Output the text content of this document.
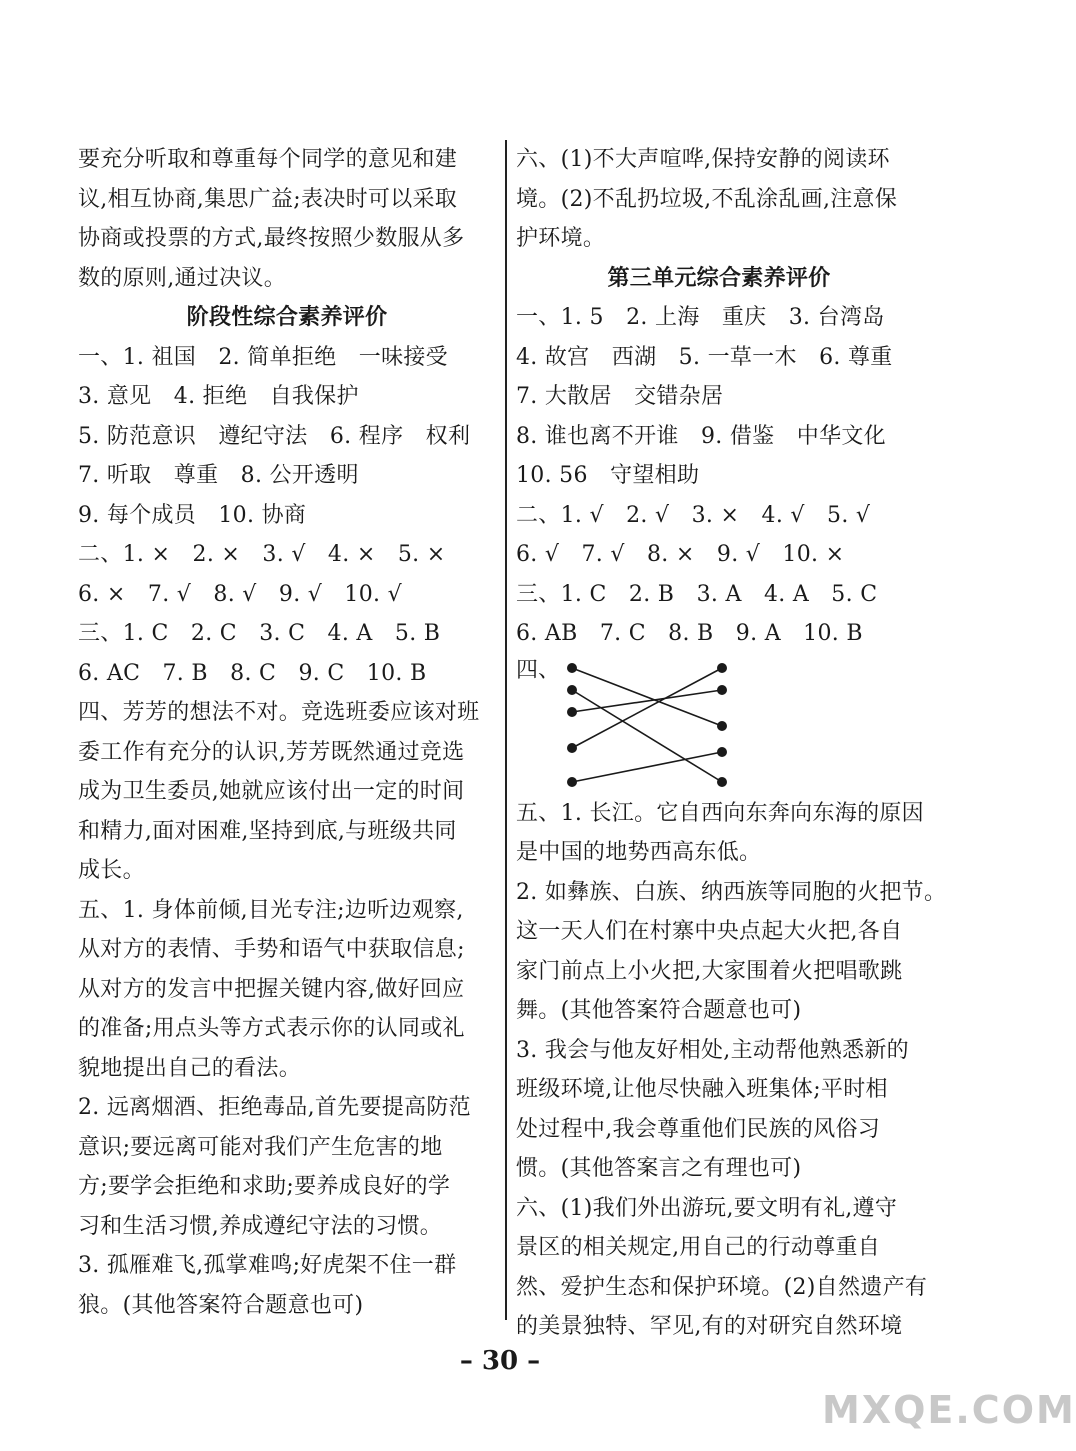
要充分听取和尊重每个同学的意见和建
议,相互协商,集思广益;表决时可以采取
协商或投票的方式,最终按照少数服从多
数的原则,通过决议。
阶段性综合素养评价
一、1. 祖国　2. 简单拒绝　一味接受
3. 意见　4. 拒绝　自我保护
5. 防范意识　遵纪守法　6. 程序　权利
7. 听取　尊重　8. 公开透明
9. 每个成员　10. 协商
二、1. ×　2. ×　3. √　4. ×　5. ×
6. ×　7. √　8. √　9. √　10. √
三、1. C　2. C　3. C　4. A　5. B
6. AC　7. B　8. C　9. C　10. B
四、芳芳的想法不对。竞选班委应该对班
委工作有充分的认识,芳芳既然通过竞选
成为卫生委员,她就应该付出一定的时间
和精力,面对困难,坚持到底,与班级共同
成长。
五、1. 身体前倾,目光专注;边听边观察,
从对方的表情、手势和语气中获取信息;
从对方的发言中把握关键内容,做好回应
的准备;用点头等方式表示你的认同或礼
貌地提出自己的看法。
2. 远离烟酒、拒绝毒品,首先要提高防范
意识;要远离可能对我们产生危害的地
方;要学会拒绝和求助;要养成良好的学
习和生活习惯,养成遵纪守法的习惯。
3. 孤雁难飞,孤掌难鸣;好虎架不住一群
狼。(其他答案符合题意也可)
六、(1)不大声喧哗,保持安静的阅读环
境。(2)不乱扔垃圾,不乱涂乱画,注意保
护环境。
第三单元综合素养评价
一、1. 5　2. 上海　重庆　3. 台湾岛
4. 故宫　西湖　5. 一草一木　6. 尊重
7. 大散居　交错杂居
8. 谁也离不开谁　9. 借鉴　中华文化
10. 56　守望相助
二、1. √　2. √　3. ×　4. √　5. √
6. √　7. √　8. ×　9. √　10. ×
三、1. C　2. B　3. A　4. A　5. C
6. AB　7. C　8. B　9. A　10. B
四、
五、1. 长江。它自西向东奔向东海的原因
是中国的地势西高东低。
2. 如彝族、白族、纳西族等同胞的火把节。
这一天人们在村寨中央点起大火把,各自
家门前点上小火把,大家围着火把唱歌跳
舞。(其他答案符合题意也可)
3. 我会与他友好相处,主动帮他熟悉新的
班级环境,让他尽快融入班集体;平时相
处过程中,我会尊重他们民族的风俗习
惯。(其他答案言之有理也可)
六、(1)我们外出游玩,要文明有礼,遵守
景区的相关规定,用自己的行动尊重自
然、爱护生态和保护环境。(2)自然遗产有
的美景独特、罕见,有的对研究自然环境
– 30 –
MXQE.COM
